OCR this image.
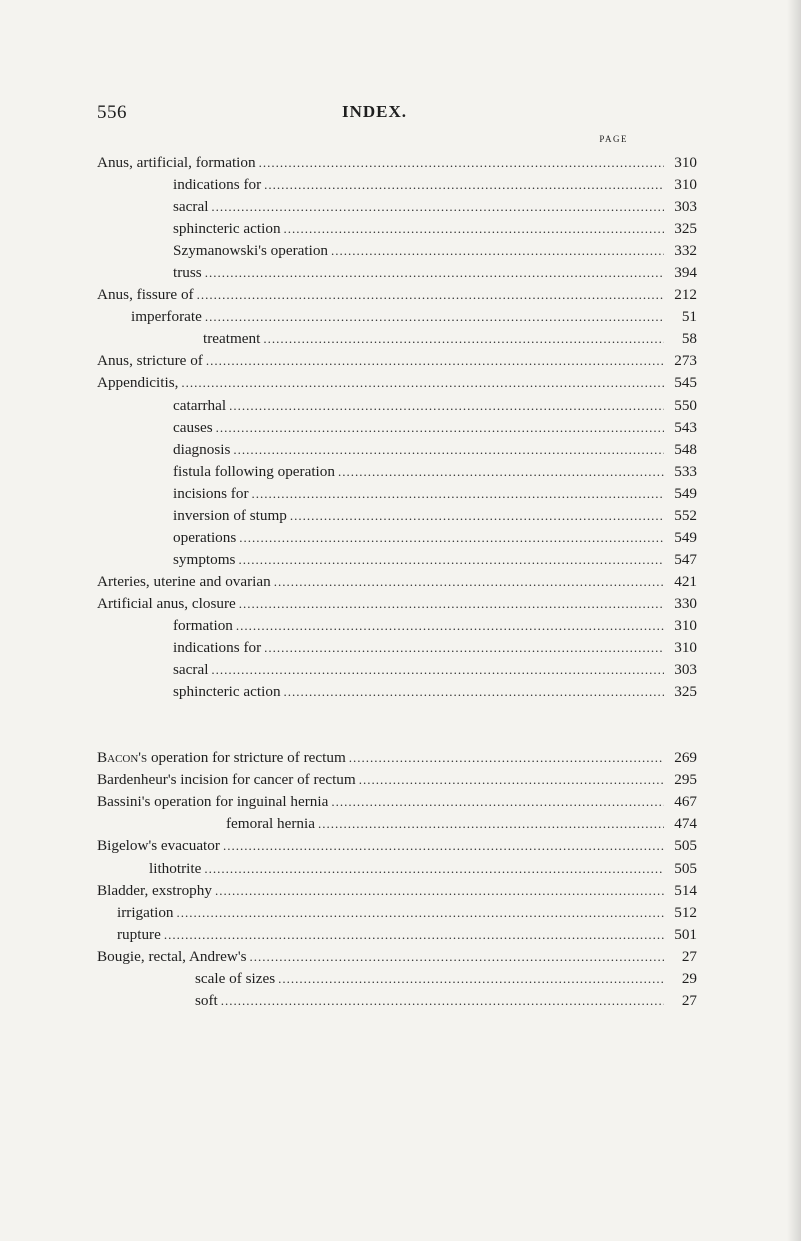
556	INDEX.
PAGE
Anus, artificial, formation .....	310
indications for .....	310
sacral .....	303
sphincteric action .....	325
Szymanowski's operation .....	332
truss .....	394
Anus, fissure of .....	212
imperforate .....	51
treatment .....	58
Anus, stricture of .....	273
Appendicitis, .....	545
catarrhal .....	550
causes .....	543
diagnosis .....	548
fistula following operation .....	533
incisions for .....	549
inversion of stump .....	552
operations .....	549
symptoms .....	547
Arteries, uterine and ovarian .....	421
Artificial anus, closure .....	330
formation .....	310
indications for .....	310
sacral .....	303
sphincteric action .....	325
Bacon's operation for stricture of rectum .....	269
Bardenheur's incision for cancer of rectum .....	295
Bassini's operation for inguinal hernia .....	467
femoral hernia .....	474
Bigelow's evacuator .....	505
lithotrite .....	505
Bladder, exstrophy .....	514
irrigation .....	512
rupture .....	501
Bougie, rectal, Andrew's .....	27
scale of sizes .....	29
soft .....	27
